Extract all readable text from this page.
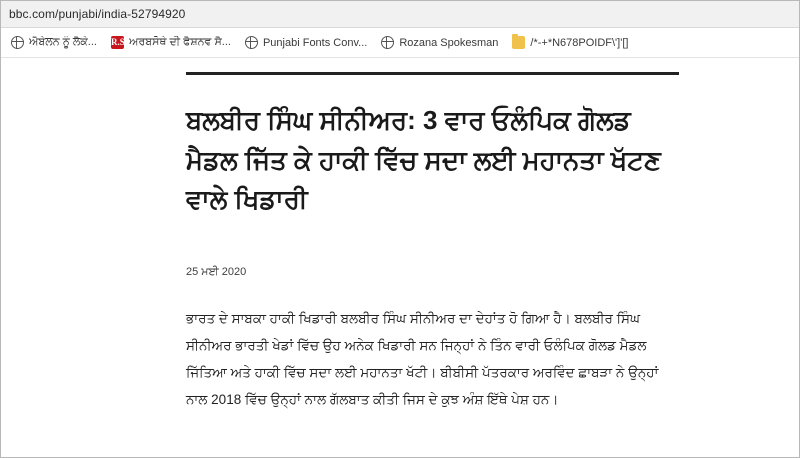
bbc.com/punjabi/india-52794920
ਐਬੇਲਨ ਨੂੰ ਲੈਕੇ... R.S ਅਰਬਸੋਥੇ ਦੀ ਫੈਸ਼ਨਵ ਸੈ...	Punjabi Fonts Conv...	Rozana Spokesman	/*-+*N678POIDF\']'[]
ਬਲਬੀਰ ਸਿੰਘ ਸੀਨੀਅਰ: 3 ਵਾਰ ਓਲੰਪਿਕ ਗੋਲਡ ਮੈਡਲ ਜਿੱਤ ਕੇ ਹਾਕੀ ਵਿੱਚ ਸਦਾ ਲਈ ਮਹਾਨਤਾ ਖੱਟਣ ਵਾਲੇ ਖਿਡਾਰੀ
25 ਮਈ 2020

ਭਾਰਤ ਦੇ ਸਾਬਕਾ ਹਾਕੀ ਖਿਡਾਰੀ ਬਲਬੀਰ ਸਿੰਘ ਸੀਨੀਅਰ ਦਾ ਦੇਹਾਂਤ ਹੋ ਗਿਆ ਹੈ। ਬਲਬੀਰ ਸਿੰਘ ਸੀਨੀਅਰ ਭਾਰਤੀ ਖੇਡਾਂ ਵਿੱਚ ਉਹ ਅਨੇਕ ਖਿਡਾਰੀ ਸਨ ਜਿਨ੍ਹਾਂ ਨੇ ਤਿੰਨ ਵਾਰੀ ਓਲੰਪਿਕ ਗੋਲਡ ਮੈਡਲ ਜਿੱਤਿਆ ਅਤੇ ਹਾਕੀ ਵਿੱਚ ਸਦਾ ਲਈ ਮਹਾਨਤਾ ਖੱਟੀ। ਬੀਬੀਸੀ ਪੱਤਰਕਾਰ ਅਰਵਿੰਦ ਛਾਬੜਾ ਨੇ ਉਨ੍ਹਾਂ ਨਾਲ 2018 ਵਿੱਚ ਉਨ੍ਹਾਂ ਨਾਲ ਗੱਲਬਾਤ ਕੀਤੀ ਜਿਸ ਦੇ ਕੁਝ ਅੰਸ਼ ਇੱਥੇ ਪੇਸ਼ ਹਨ।
